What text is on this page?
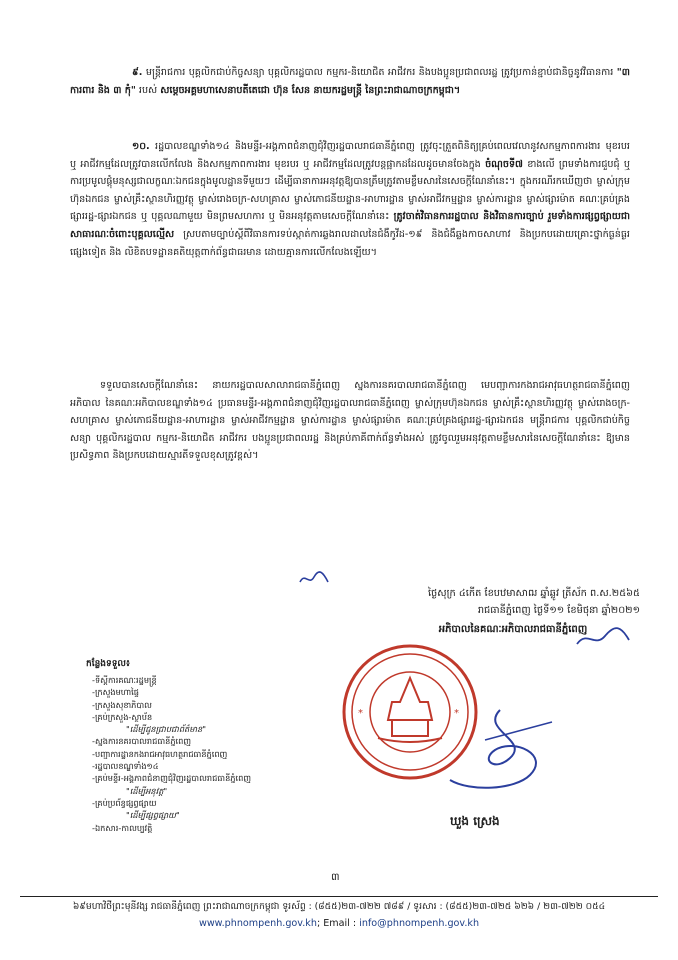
៩. មន្ត្រីរាជការ បុគ្គលិកជាប់កិច្ចសន្យា បុគ្គលិករដ្ឋបាល កម្មករ-និយោជិត អាជីវករ និងបងប្អូនប្រជាពលរដ្ឋ ត្រូវប្រកាន់ខ្ជាប់ជានិច្ចនូវវិធានការ "៣ ការពារ និង ៣ កុំ" របស់ សម្តេចអគ្គមហាសេនាបតីតេជោ ហ៊ុន សែន នាយករដ្ឋមន្ត្រី នៃព្រះរាជាណាចក្រកម្ពុជា។
១០. រដ្ឋបាលខណ្ឌទាំង១៤ និងមន្ទីរ-អង្គភាពជំនាញជុំវិញរដ្ឋបាលរាជធានីភ្នំពេញ ត្រូវចុះត្រួតពិនិត្យគ្រប់ពេលវេលានូវសកម្មភាពការងារ មុខរបរ ឬ អាជីវកម្មដែលត្រូវបានលើកលែង និងសកម្មភាពការងារ មុខរបរ ឬ អាជីវកម្មដែលត្រូវបន្តផ្អាកដដែលដូចមានចែងក្នុង ចំណុចទី៧ ខាងលើ ព្រមទាំងការជួបជុំ ឬ ការប្រមូលផ្តុំមនុស្សជាលក្ខណៈឯកជនក្នុងមូលដ្ឋានទីមួយៗ ដើម្បីធានាការអនុវត្តឱ្យបានត្រឹមត្រូវតាមខ្លឹមសារនៃសេចក្តីណែនាំនេះ។ ក្នុងករណីរកឃើញថា ម្ចាស់ក្រុមហ៊ុនឯកជន ម្ចាស់គ្រឹះស្ថានហិរញ្ញវត្ថុ ម្ចាស់រោងចក្រ-សហគ្រាស ម្ចាស់ភោជនីយដ្ឋាន-អាហារដ្ឋាន ម្ចាស់អាជីវកម្មដ្ឋាន ម្ចាស់ការដ្ឋាន ម្ចាស់ផ្សារម៉ាត គណៈគ្រប់គ្រងផ្សាររដ្ឋ-ផ្សារឯកជន ឬ បុគ្គលណាមួយ មិនព្រមសហការ ឬ មិនអនុវត្តតាមសេចក្តីណែនាំនេះ ត្រូវចាត់វិធានការរដ្ឋបាល និងវិធានការច្បាប់ រួមទាំងការផ្សព្វផ្សាយជាសាធារណៈចំពោះបុគ្គលល្មើស ស្របតាមច្បាប់ស្តីពីវិធានការទប់ស្កាត់ការឆ្លងរាលដាលនៃជំងឺកូវីដ-១៩ និងជំងឺឆ្លងកាចសាហាវ និងប្រកបដោយគ្រោះថ្នាក់ធ្ងន់ធ្ងរផ្សេងទៀត និង លិខិតបទដ្ឋានគតិយុត្តពាក់ព័ន្ធជាធរមាន ដោយគ្មានការលើកលែងឡើយ។
ទទួលបានសេចក្តីណែនាំនេះ នាយករដ្ឋបាលសាលារាជធានីភ្នំពេញ ស្នងការនគរបាលរាជធានីភ្នំពេញ មេបញ្ជាការកងរាជអាវុធហត្ថរាជធានីភ្នំពេញ អភិបាល នៃគណៈអភិបាលខណ្ឌទាំង១៤ ប្រធានមន្ទីរ-អង្គភាពជំនាញជុំវិញរដ្ឋបាលរាជធានីភ្នំពេញ ម្ចាស់ក្រុមហ៊ុនឯកជន ម្ចាស់គ្រឹះស្ថានហិរញ្ញវត្ថុ ម្ចាស់រោងចក្រ-សហគ្រាស ម្ចាស់ភោជនីយដ្ឋាន-អាហារដ្ឋាន ម្ចាស់អាជីវកម្មដ្ឋាន ម្ចាស់ការដ្ឋាន ម្ចាស់ផ្សារម៉ាត គណៈគ្រប់គ្រងផ្សាររដ្ឋ-ផ្សារឯកជន មន្ត្រីរាជការ បុគ្គលិកជាប់កិច្ចសន្យា បុគ្គលិករដ្ឋបាល កម្មករ-និយោជិត អាជីវករ បងប្អូនប្រជាពលរដ្ឋ និងគ្រប់ភាគីពាក់ព័ន្ធទាំងអស់ ត្រូវចូលរួមអនុវត្តតាមខ្លឹមសារនៃសេចក្តីណែនាំនេះ ឱ្យមានប្រសិទ្ធភាព និងប្រកបដោយស្មារតីទទួលខុសត្រូវខ្ពស់។
ថ្ងៃសុក្រ ៤កើត ខែបឋមាសាឍ ឆ្នាំឆ្លូវ ត្រីស័ក ព.ស.២៥៦៥
រាជធានីភ្នំពេញ ថ្ងៃទី១១ ខែមិថុនា ឆ្នាំ២០២១
អភិបាលនៃគណៈអភិបាលរាជធានីភ្នំពេញ
*	*
ឃួង ស្រេង
កន្លែងទទួល៖
-ទីស្តីការគណៈរដ្ឋមន្ត្រី
-ក្រសួងមហាផ្ទៃ
-ក្រសួងសុខាភិបាល
-គ្រប់ក្រសួង-ស្ថាប័ន
"ដើម្បីជូនជ្រាបជាព័ត៌មាន"
-ស្នងការនគរបាលរាជធានីភ្នំពេញ
-បញ្ជាការដ្ឋានកងរាជអាវុធហត្ថរាជធានីភ្នំពេញ
-រដ្ឋបាលខណ្ឌទាំង១៤
-គ្រប់មន្ទីរ-អង្គភាពជំនាញជុំវិញរដ្ឋបាលរាជធានីភ្នំពេញ
"ដើម្បីអនុវត្ត"
-គ្រប់ប្រព័ន្ធផ្សព្វផ្សាយ
"ដើម្បីផ្សព្វផ្សាយ"
-ឯកសារ-កាលប្បវត្តិ
៣
៦៩មហាវិថីព្រះមុនីវង្ស រាជធានីភ្នំពេញ ព្រះរាជាណាចក្រកម្ពុជា ទូរស័ព្ទ : (៨៥៥)២៣-៧២២ ៧៨៩ / ទូរសារ : (៨៥៥)២៣-៧២៥ ៦២៦ / ២៣-៧២២ ០៥៤
www.phnompenh.gov.kh; Email : info@phnompenh.gov.kh
